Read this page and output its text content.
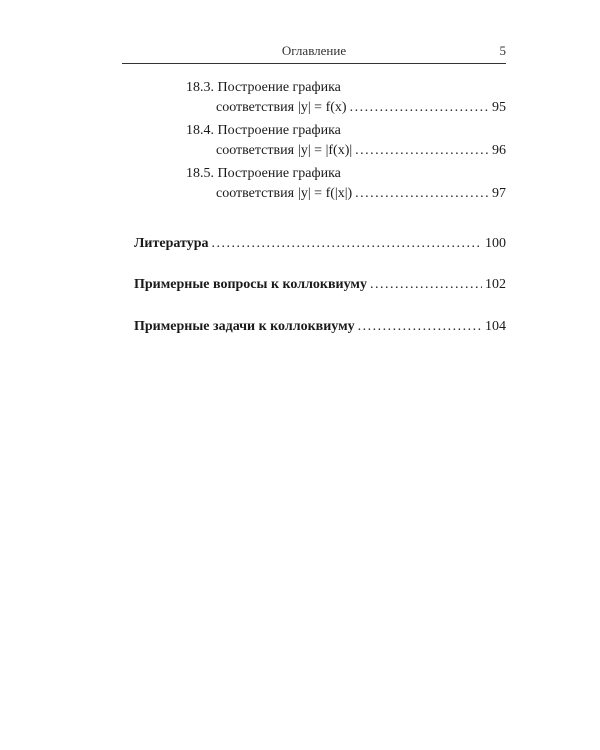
Оглавление	5
18.3. Построение графика
соответствия |y| = f(x) . . .	95
18.4. Построение графика
соответствия |y| = |f(x)| . . .	96
18.5. Построение графика
соответствия |y| = f(|x|) . . .	97
Литература . . .	100
Примерные вопросы к коллоквиуму . . .	102
Примерные задачи к коллоквиуму . . .	104
